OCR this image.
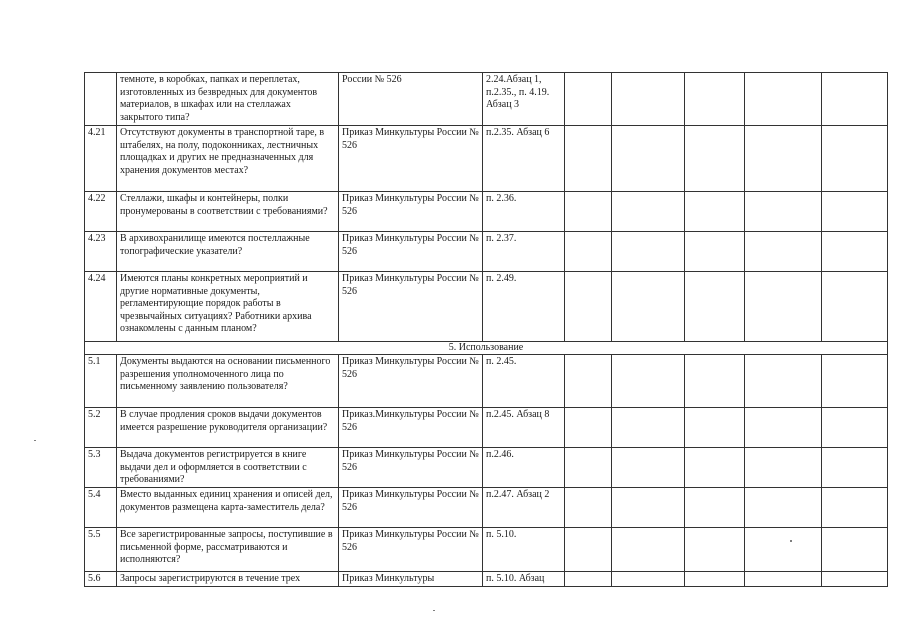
	темноте, в коробках, папках и переплетах, изготовленных из безвредных для документов материалов, в шкафах или на стеллажах закрытого типа?	России № 526	2.24.Абзац 1, п.2.35., п. 4.19. Абзац 3					
4.21	Отсутствуют документы в транспортной таре, в штабелях, на полу, подоконниках, лестничных площадках и других не предназначенных для хранения документов местах?	Приказ Минкультуры России № 526	п.2.35. Абзац 6					
4.22	Стеллажи, шкафы и контейнеры, полки пронумерованы в соответствии с требованиями?	Приказ Минкультуры России № 526	п. 2.36.					
4.23	В архивохранилище имеются постеллажные топографические указатели?	Приказ Минкультуры России № 526	п. 2.37.					
4.24	Имеются планы конкретных мероприятий и другие нормативные документы, регламентирующие порядок работы в чрезвычайных ситуациях? Работники архива ознакомлены с данным планом?	Приказ Минкультуры России № 526	п. 2.49.					
5. Использование								
5.1	Документы выдаются на основании письменного разрешения уполномоченного лица по письменному заявлению пользователя?	Приказ Минкультуры России № 526	п. 2.45.					
5.2	В случае продления сроков выдачи документов имеется разрешение руководителя организации?	Приказ.Минкультуры России № 526	п.2.45. Абзац 8					
5.3	Выдача документов регистрируется в книге выдачи дел и оформляется в соответствии с требованиями?	Приказ Минкультуры России № 526	п.2.46.					
5.4	Вместо выданных единиц хранения и описей дел, документов размещена карта-заместитель дела?	Приказ Минкультуры России № 526	п.2.47. Абзац 2					
5.5	Все зарегистрированные запросы, поступившие в письменной форме, рассматриваются и исполняются?	Приказ Минкультуры России № 526	п. 5.10.					
5.6	Запросы зарегистрируются в течение трех	Приказ Минкультуры	п. 5.10. Абзац					
